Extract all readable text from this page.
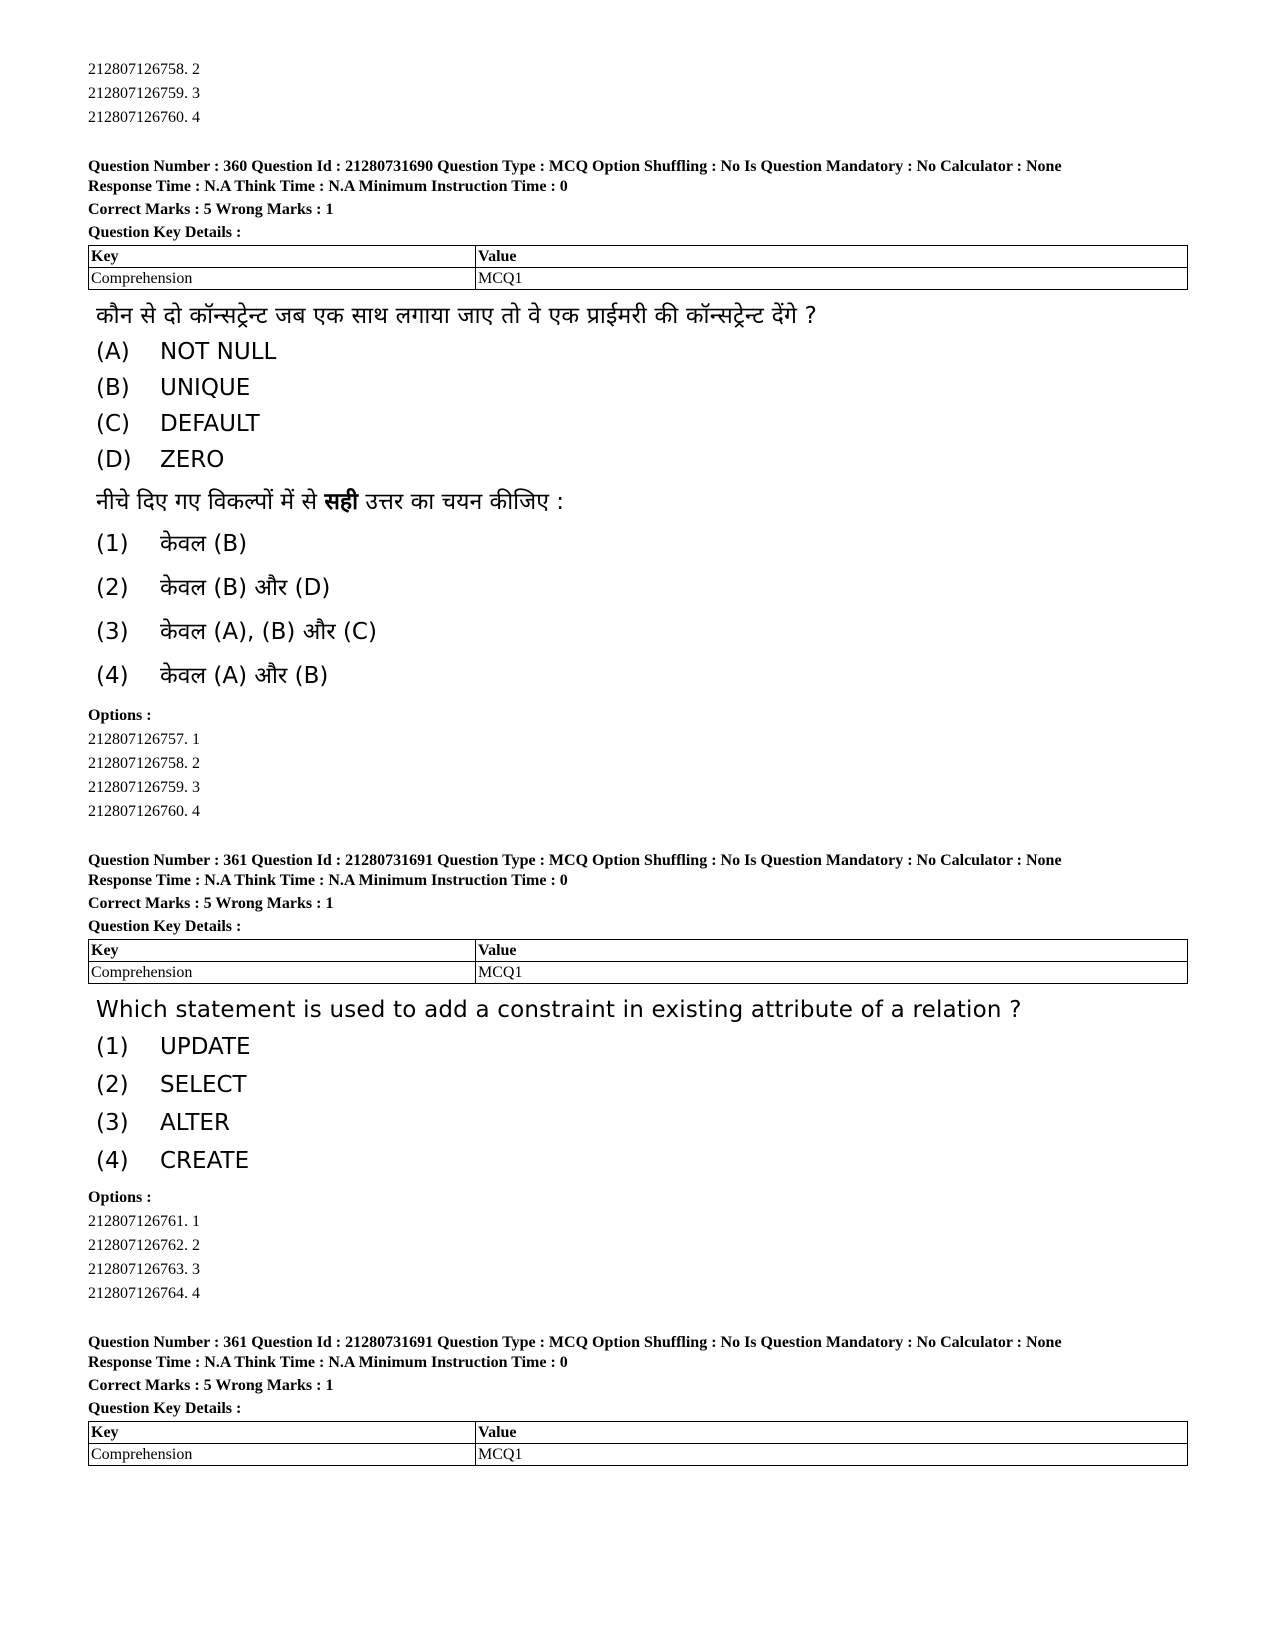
212807126758. 2
212807126759. 3
212807126760. 4
Question Number : 360 Question Id : 21280731690 Question Type : MCQ Option Shuffling : No Is Question Mandatory : No Calculator : None
Response Time : N.A Think Time : N.A Minimum Instruction Time : 0
Correct Marks : 5 Wrong Marks : 1
Question Key Details :
Key	Value
Comprehension	MCQ1
कौन से दो कॉन्सट्रेन्ट जब एक साथ लगाया जाए तो वे एक प्राईमरी की कॉन्सट्रेन्ट देंगे ?
(A)	NOT NULL
(B)	UNIQUE
(C)	DEFAULT
(D)	ZERO
नीचे दिए गए विकल्पों में से सही उत्तर का चयन कीजिए :
(1)	केवल (B)
(2)	केवल (B) और (D)
(3)	केवल (A), (B) और (C)
(4)	केवल (A) और (B)
Options :
212807126757. 1
212807126758. 2
212807126759. 3
212807126760. 4
Question Number : 361 Question Id : 21280731691 Question Type : MCQ Option Shuffling : No Is Question Mandatory : No Calculator : None
Response Time : N.A Think Time : N.A Minimum Instruction Time : 0
Correct Marks : 5 Wrong Marks : 1
Question Key Details :
Key	Value
Comprehension	MCQ1
Which statement is used to add a constraint in existing attribute of a relation ?
(1)	UPDATE
(2)	SELECT
(3)	ALTER
(4)	CREATE
Options :
212807126761. 1
212807126762. 2
212807126763. 3
212807126764. 4
Question Number : 361 Question Id : 21280731691 Question Type : MCQ Option Shuffling : No Is Question Mandatory : No Calculator : None
Response Time : N.A Think Time : N.A Minimum Instruction Time : 0
Correct Marks : 5 Wrong Marks : 1
Question Key Details :
Key	Value
Comprehension	MCQ1
